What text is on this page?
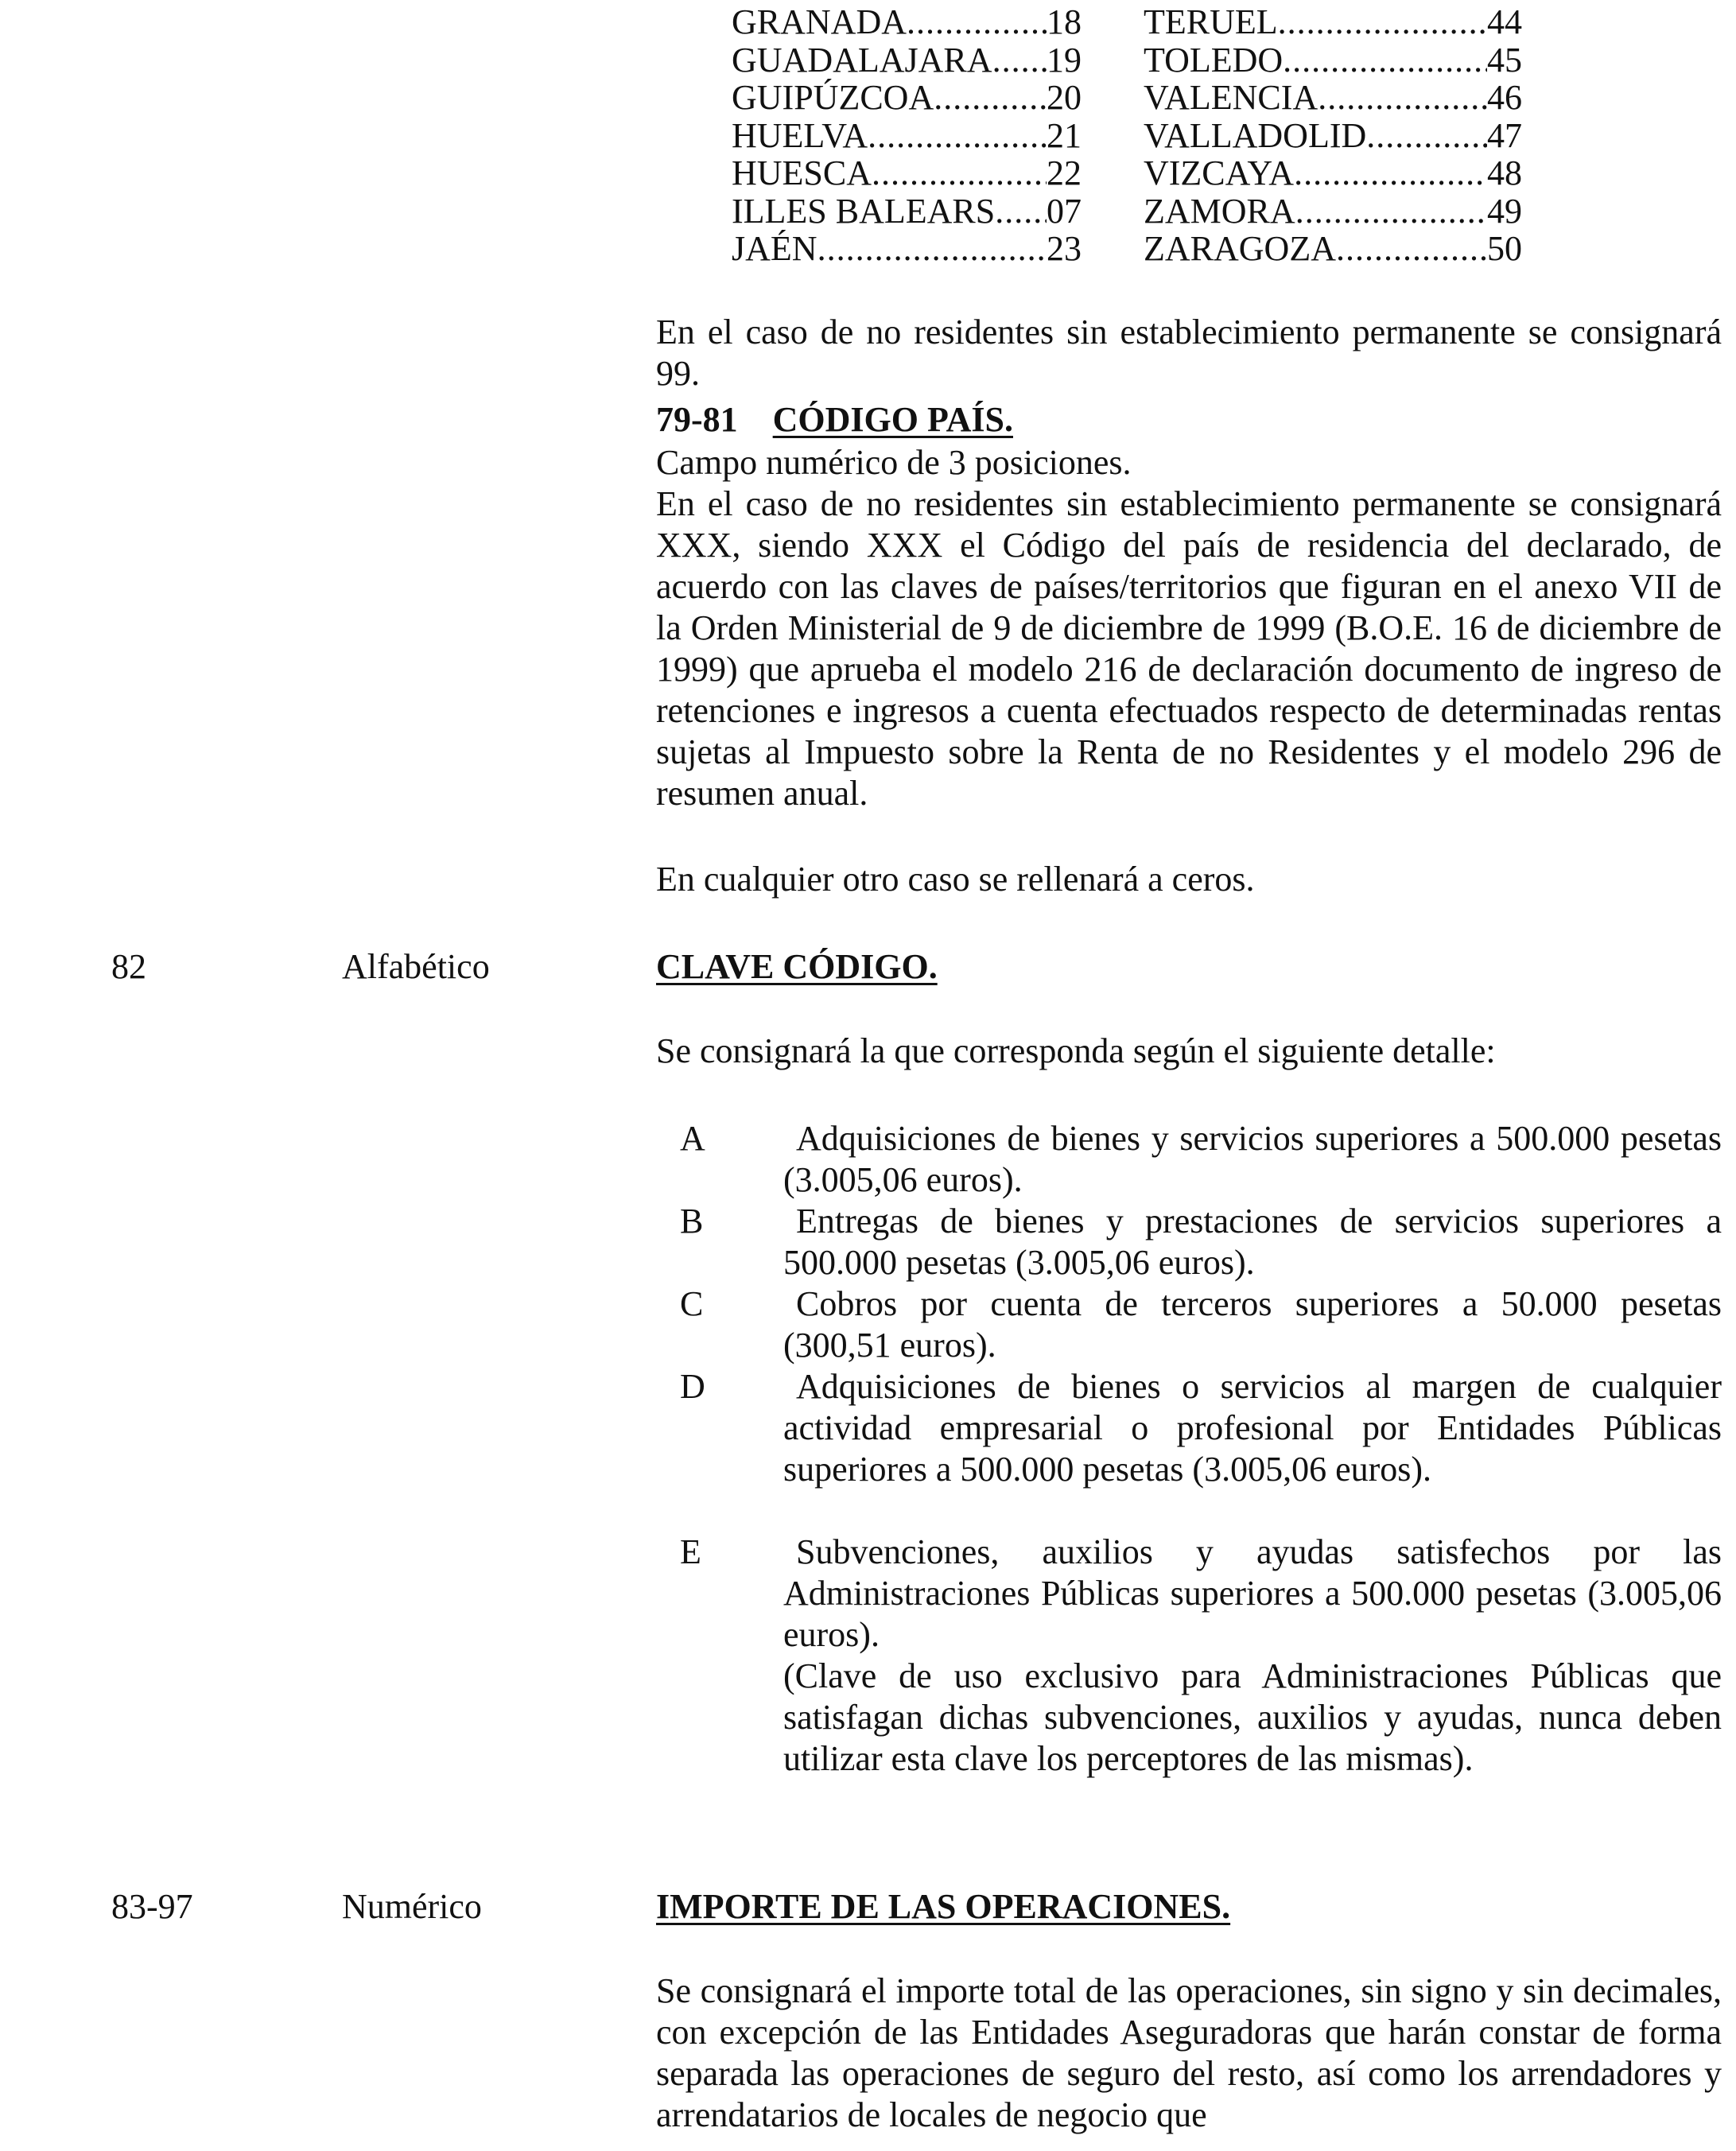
GRANADA .....	18
GUADALAJARA ..... 19
GUIPÚZCOA .....	20
HUELVA .....	21
HUESCA .....	22
ILLES BALEARS ..... 07
JAÉN .....	23
TERUEL .....	44
TOLEDO .....	45
VALENCIA .....	46
VALLADOLID .....	47
VIZCAYA .....	48
ZAMORA .....	49
ZARAGOZA .....	50
En el caso de no residentes sin establecimiento permanente se consignará 99.
79-81 CÓDIGO PAÍS.
Campo numérico de 3 posiciones.
En el caso de no residentes sin establecimiento permanente se consignará XXX, siendo XXX el Código del país de residencia del declarado, de acuerdo con las claves de países/territorios que figuran en el anexo VII de la Orden Ministerial de 9 de diciembre de 1999 (B.O.E. 16 de diciembre de 1999) que aprueba el modelo 216 de declaración documento de ingreso de retenciones e ingresos a cuenta efectuados respecto de determinadas rentas sujetas al Impuesto sobre la Renta de no Residentes y el modelo 296 de resumen anual.
En cualquier otro caso se rellenará a ceros.
82	Alfabético	CLAVE CÓDIGO.
Se consignará la que corresponda según el siguiente detalle:
A	Adquisiciones de bienes y servicios superiores a 500.000 pesetas (3.005,06 euros).
B	Entregas de bienes y prestaciones de servicios superiores a 500.000 pesetas (3.005,06 euros).
C	Cobros por cuenta de terceros superiores a 50.000 pesetas (300,51 euros).
D	Adquisiciones de bienes o servicios al margen de cualquier actividad empresarial o profesional por Entidades Públicas superiores a 500.000 pesetas (3.005,06 euros).
E	Subvenciones, auxilios y ayudas satisfechos por las Administraciones Públicas superiores a 500.000 pesetas (3.005,06 euros).
(Clave de uso exclusivo para Administraciones Públicas que satisfagan dichas subvenciones, auxilios y ayudas, nunca deben utilizar esta clave los perceptores de las mismas).
83-97	Numérico	IMPORTE DE LAS OPERACIONES.
Se consignará el importe total de las operaciones, sin signo y sin decimales, con excepción de las Entidades Aseguradoras que harán constar de forma separada las operaciones de seguro del resto, así como los arrendadores y arrendatarios de locales de negocio que
